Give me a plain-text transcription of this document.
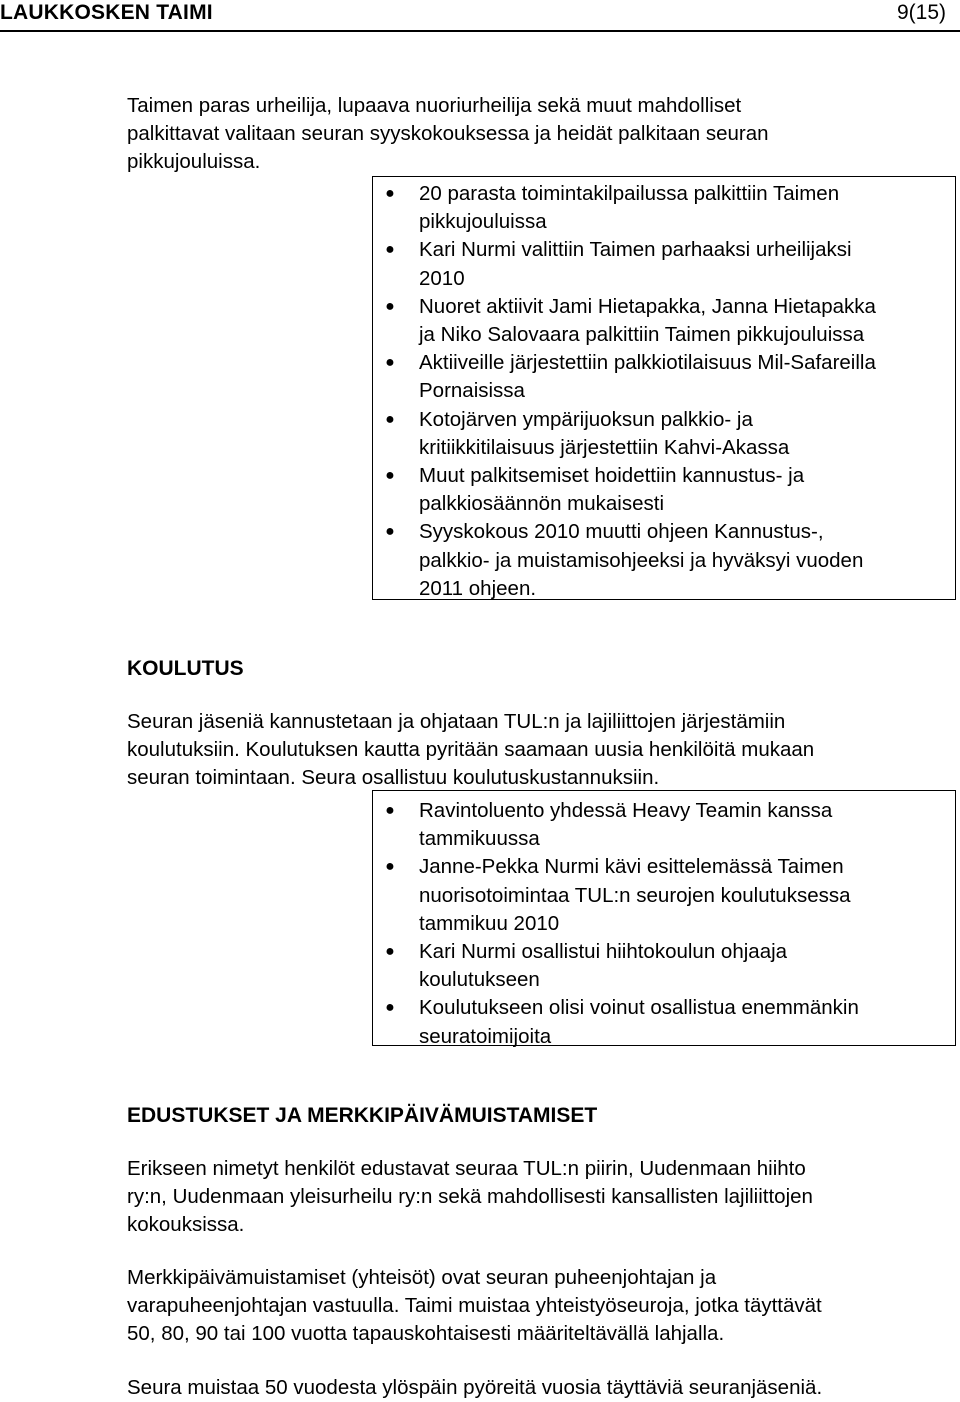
LAUKKOSKEN TAIMI	9(15)

Taimen paras urheilija, lupaava nuoriurheilija sekä muut mahdolliset
palkittavat valitaan seuran syyskokouksessa ja heidät palkitaan seuran
pikkujouluissa.

● 20 parasta toimintakilpailussa palkittiin Taimen
pikkujouluissa
● Kari Nurmi valittiin Taimen parhaaksi urheilijaksi
2010
● Nuoret aktiivit Jami Hietapakka, Janna Hietapakka
ja Niko Salovaara palkittiin Taimen pikkujouluissa
● Aktiiveille järjestettiin palkkiotilaisuus Mil-Safareilla
Pornaisissa
● Kotojärven ympärijuoksun palkkio- ja
kritiikkitilaisuus järjestettiin Kahvi-Akassa
● Muut palkitsemiset hoidettiin kannustus- ja
palkkiosäännön mukaisesti
● Syyskokous 2010 muutti ohjeen Kannustus-,
palkkio- ja muistamisohjeeksi ja hyväksyi vuoden
2011 ohjeen.
KOULUTUS

Seuran jäseniä kannustetaan ja ohjataan TUL:n ja lajiliittojen järjestämiin
koulutuksiin. Koulutuksen kautta pyritään saamaan uusia henkilöitä mukaan
seuran toimintaan. Seura osallistuu koulutuskustannuksiin.

● Ravintoluento yhdessä Heavy Teamin kanssa
tammikuussa
● Janne-Pekka Nurmi kävi esittelemässä Taimen
nuorisotoimintaa TUL:n seurojen koulutuksessa
tammikuu 2010
● Kari Nurmi osallistui hiihtokoulun ohjaaja
koulutukseen
● Koulutukseen olisi voinut osallistua enemmänkin
seuratoimijoita
EDUSTUKSET JA MERKKIPÄIVÄMUISTAMISET

Erikseen nimetyt henkilöt edustavat seuraa TUL:n piirin, Uudenmaan hiihto
ry:n, Uudenmaan yleisurheilu ry:n sekä mahdollisesti kansallisten lajiliittojen
kokouksissa.

Merkkipäivämuistamiset (yhteisöt) ovat seuran puheenjohtajan ja
varapuheenjohtajan vastuulla. Taimi muistaa yhteistyöseuroja, jotka täyttävät
50, 80, 90 tai 100 vuotta tapauskohtaisesti määriteltävällä lahjalla.

Seura muistaa 50 vuodesta ylöspäin pyöreitä vuosia täyttäviä seuranjäseniä.
